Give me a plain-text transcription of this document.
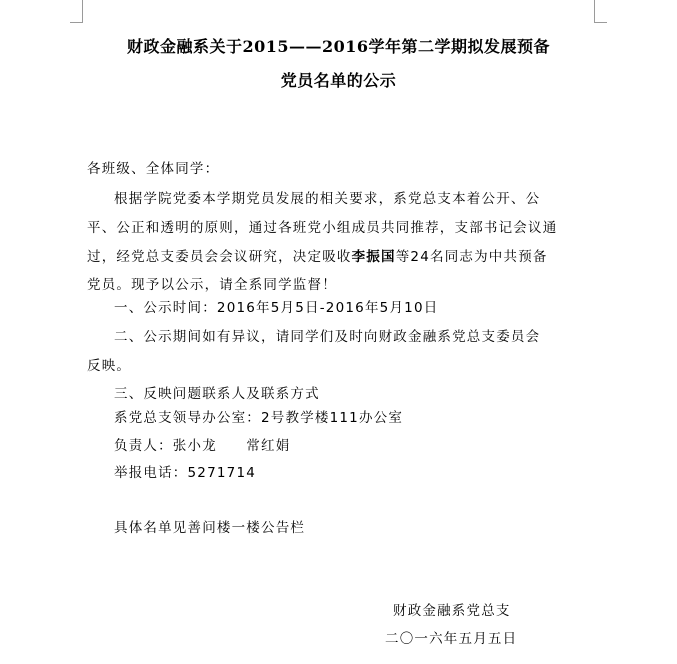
财政金融系关于2015——2016学年第二学期拟发展预备
党员名单的公示
各班级、全体同学：
根据学院党委本学期党员发展的相关要求，系党总支本着公开、公
平、公正和透明的原则，通过各班党小组成员共同推荐，支部书记会议通
过，经党总支委员会会议研究，决定吸收李振国等24名同志为中共预备
党员。现予以公示，请全系同学监督！
一、公示时间：2016年5月5日-2016年5月10日
二、公示期间如有异议，请同学们及时向财政金融系党总支委员会
反映。
三、反映问题联系人及联系方式
系党总支领导办公室：2号教学楼111办公室
负责人：张小龙　　常红娟
举报电话：5271714
具体名单见善问楼一楼公告栏
财政金融系党总支
二〇一六年五月五日
